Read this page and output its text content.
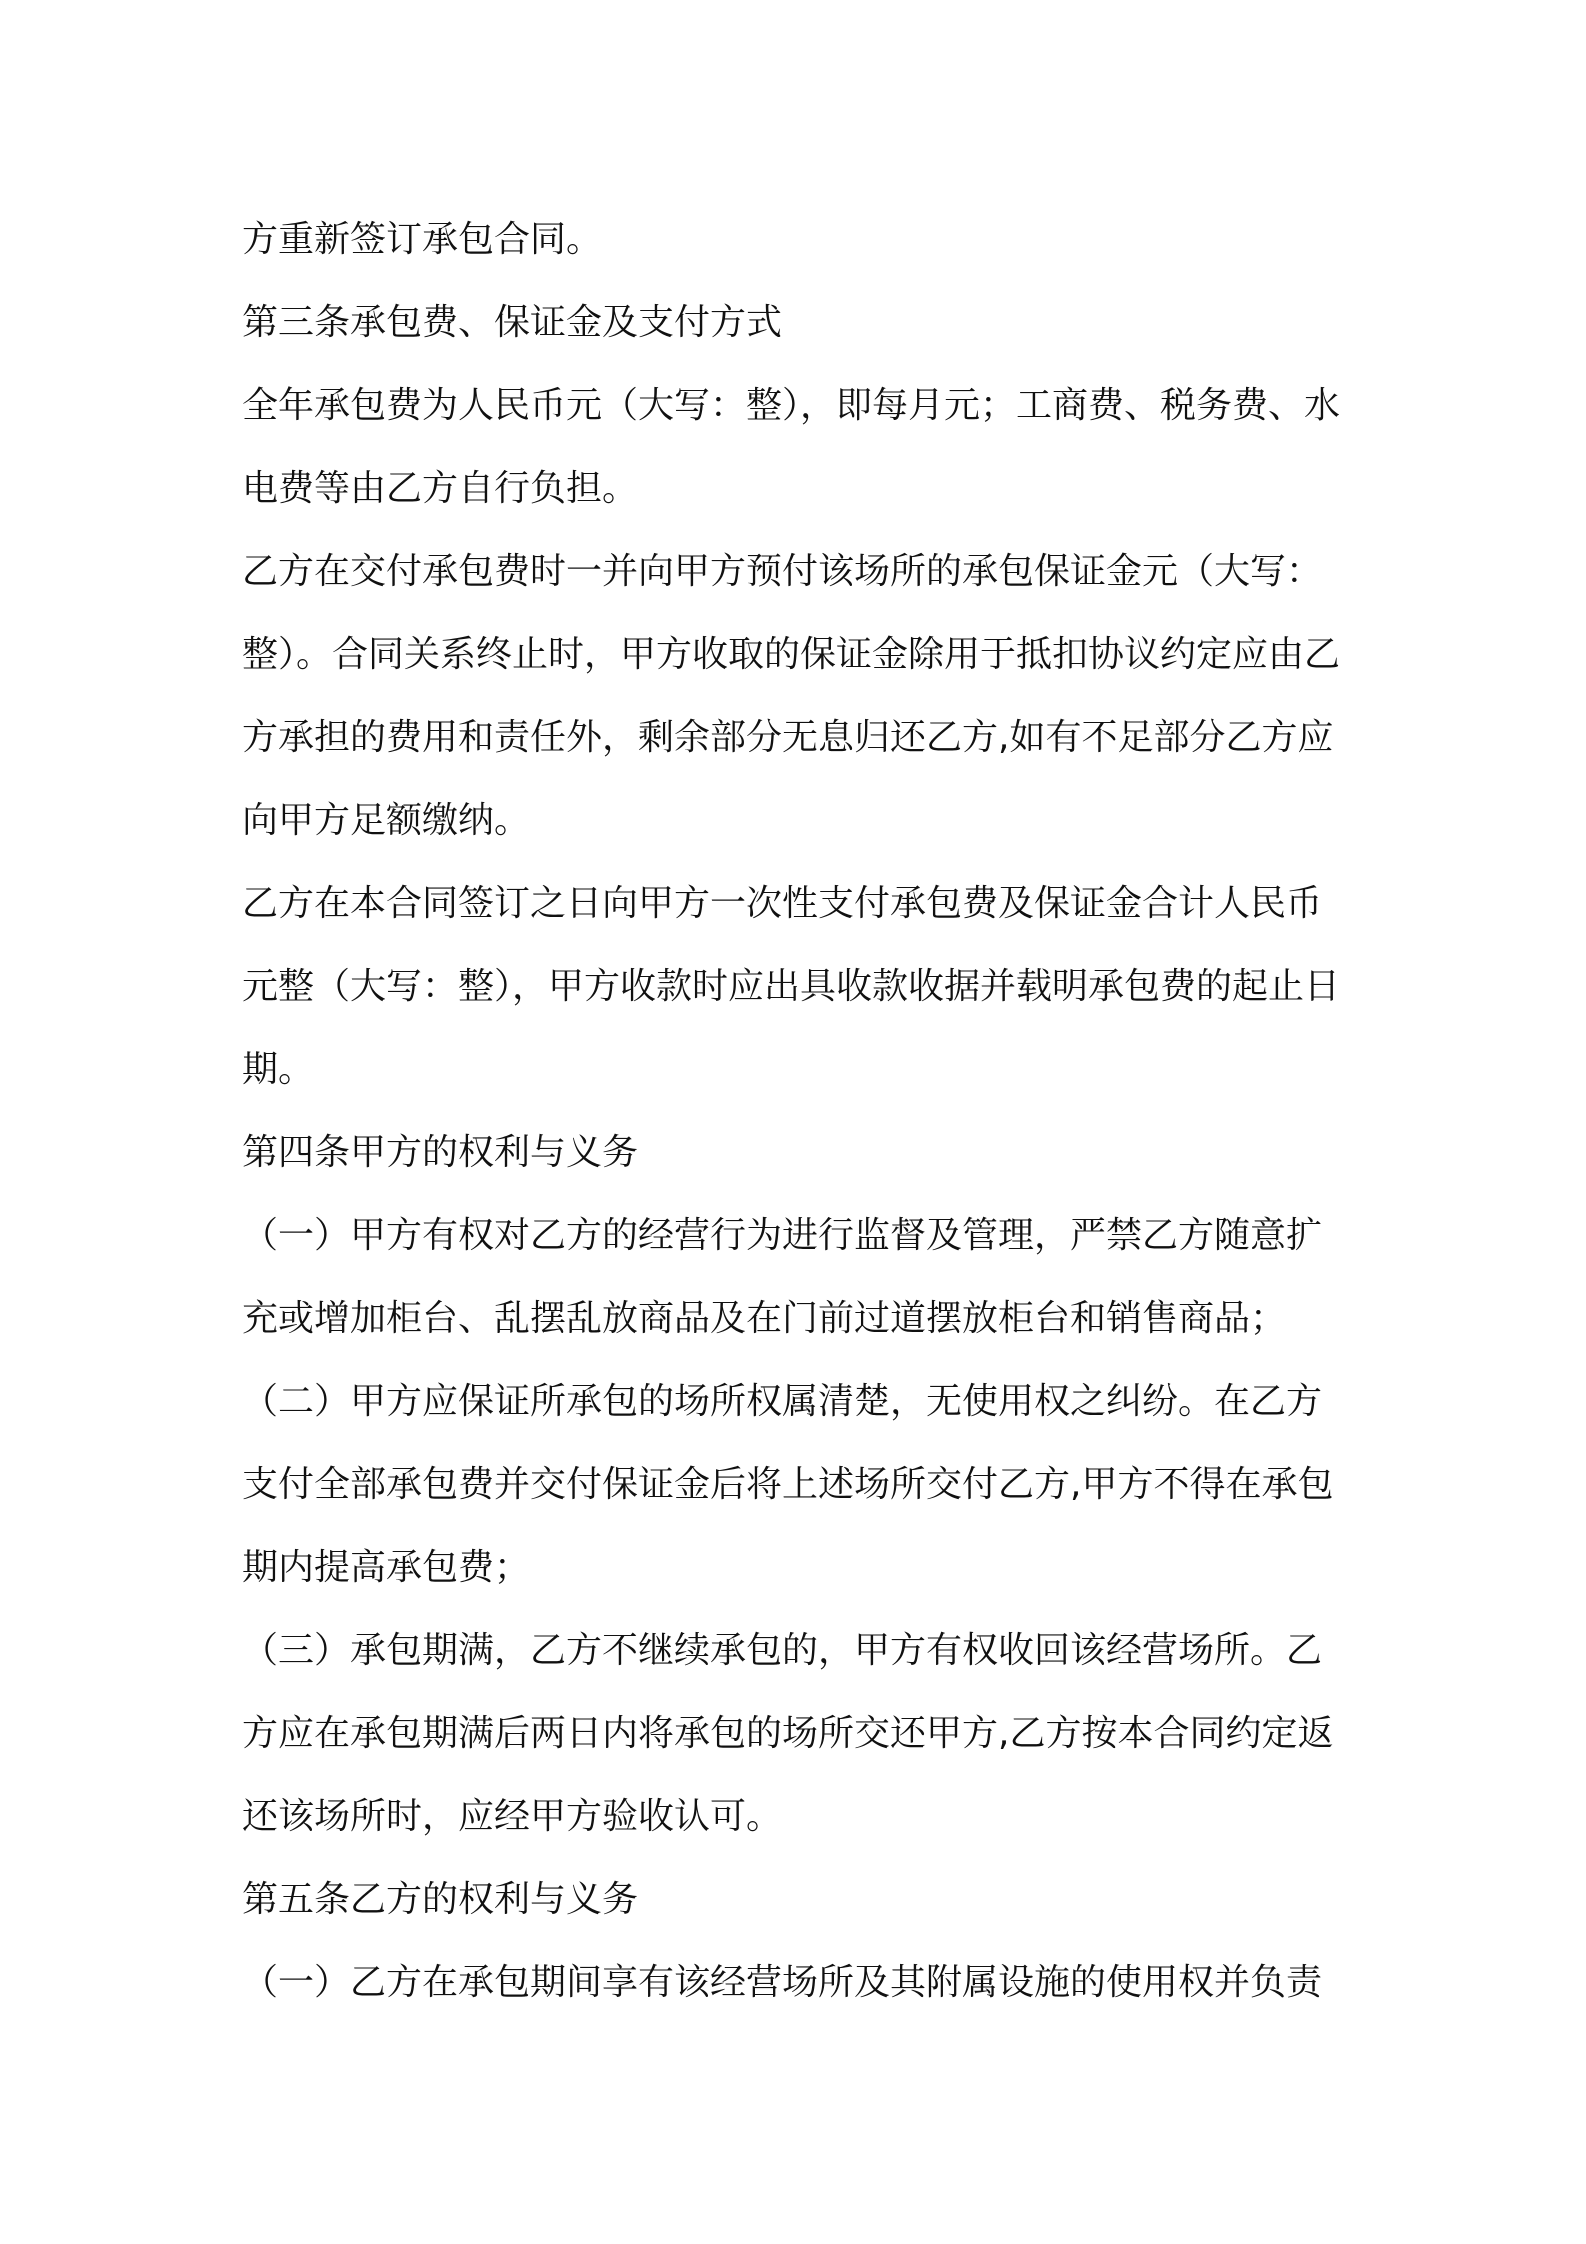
方重新签订承包合同。

第三条承包费、保证金及支付方式

全年承包费为人民币元（大写：整），即每月元；工商费、税务费、水电费等由乙方自行负担。

乙方在交付承包费时一并向甲方预付该场所的承包保证金元（大写：整）。合同关系终止时，甲方收取的保证金除用于抵扣协议约定应由乙方承担的费用和责任外，剩余部分无息归还乙方,如有不足部分乙方应向甲方足额缴纳。

乙方在本合同签订之日向甲方一次性支付承包费及保证金合计人民币元整（大写：整），甲方收款时应出具收款收据并载明承包费的起止日期。

第四条甲方的权利与义务

（一）甲方有权对乙方的经营行为进行监督及管理，严禁乙方随意扩充或增加柜台、乱摆乱放商品及在门前过道摆放柜台和销售商品；

（二）甲方应保证所承包的场所权属清楚，无使用权之纠纷。在乙方支付全部承包费并交付保证金后将上述场所交付乙方,甲方不得在承包期内提高承包费；

（三）承包期满，乙方不继续承包的，甲方有权收回该经营场所。乙方应在承包期满后两日内将承包的场所交还甲方,乙方按本合同约定返还该场所时，应经甲方验收认可。

第五条乙方的权利与义务

（一）乙方在承包期间享有该经营场所及其附属设施的使用权并负责
